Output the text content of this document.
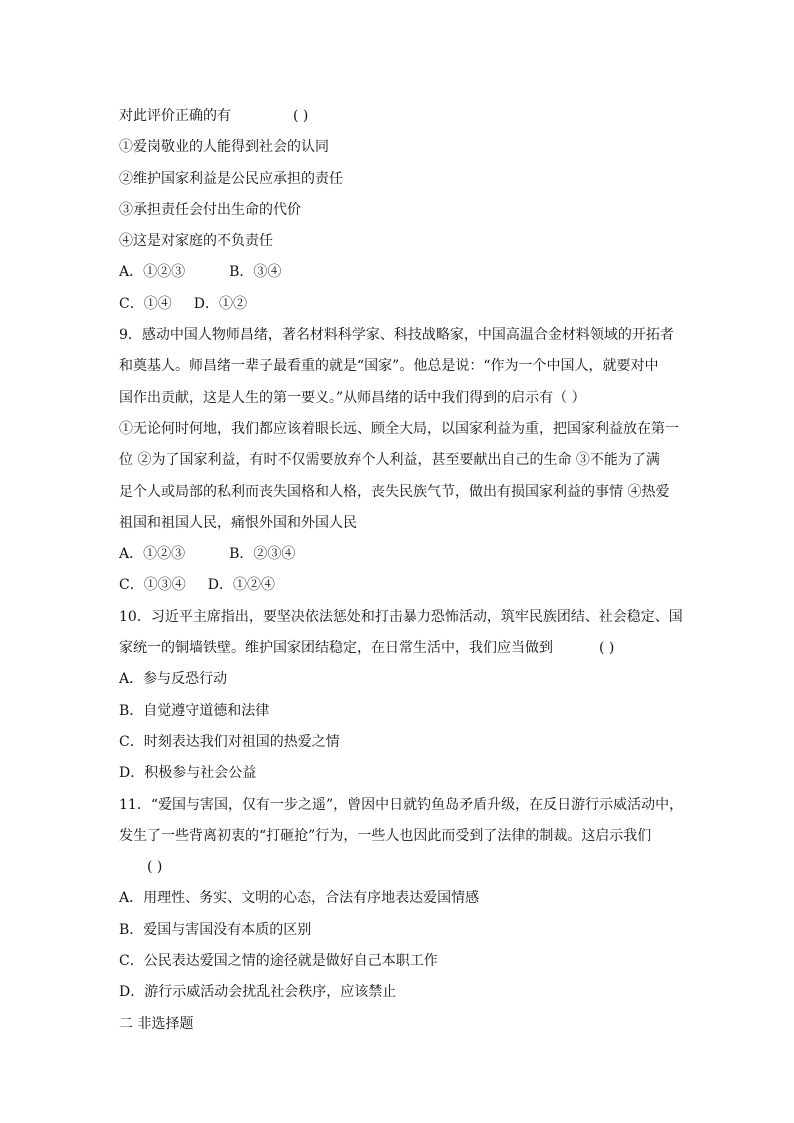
对此评价正确的有	( )
①爱岗敬业的人能得到社会的认同
②维护国家利益是公民应承担的责任
③承担责任会付出生命的代价
④这是对家庭的不负责任
A．①②③	B．③④
C．①④ D．①②
9．感动中国人物师昌绪，著名材料科学家、科技战略家，中国高温合金材料领域的开拓者
和奠基人。师昌绪一辈子最看重的就是“国家”。他总是说：“作为一个中国人，就要对中
国作出贡献，这是人生的第一要义。”从师昌绪的话中我们得到的启示有（ ）
①无论何时何地，我们都应该着眼长远、顾全大局，以国家利益为重，把国家利益放在第一
位 ②为了国家利益，有时不仅需要放弃个人利益，甚至要献出自己的生命 ③不能为了满
足个人或局部的私利而丧失国格和人格，丧失民族气节，做出有损国家利益的事情 ④热爱
祖国和祖国人民，痛恨外国和外国人民
A．①②③	B．②③④
C．①③④ D．①②④
10．习近平主席指出，要坚决依法惩处和打击暴力恐怖活动，筑牢民族团结、社会稳定、国
家统一的铜墙铁壁。维护国家团结稳定，在日常生活中，我们应当做到	( )
A．参与反恐行动
B．自觉遵守道德和法律
C．时刻表达我们对祖国的热爱之情
D．积极参与社会公益
11．“爱国与害国，仅有一步之遥”，曾因中日就钓鱼岛矛盾升级，在反日游行示威活动中，
发生了一些背离初衷的“打砸抢”行为，一些人也因此而受到了法律的制裁。这启示我们
( )
A．用理性、务实、文明的心态，合法有序地表达爱国情感
B．爱国与害国没有本质的区别
C．公民表达爱国之情的途径就是做好自己本职工作
D．游行示威活动会扰乱社会秩序，应该禁止
二 非选择题
